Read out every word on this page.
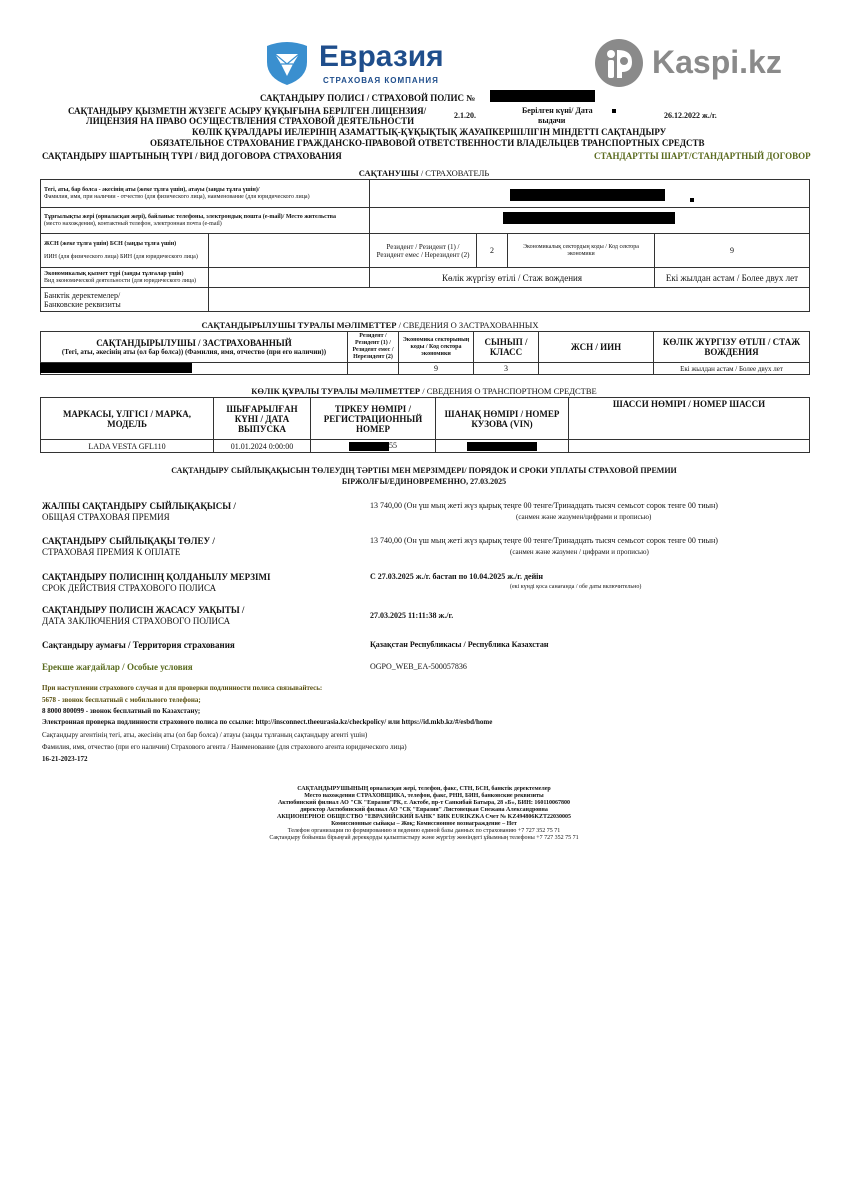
Евразия
СТРАХОВАЯ КОМПАНИЯ
Kaspi.kz
САҚТАНДЫРУ ПОЛИСІ / СТРАХОВОЙ ПОЛИС №
САҚТАНДЫРУ ҚЫЗМЕТІН ЖҮЗЕГЕ АСЫРУ ҚҰҚЫҒЫНА БЕРІЛГЕН ЛИЦЕНЗИЯ/
ЛИЦЕНЗИЯ НА ПРАВО ОСУЩЕСТВЛЕНИЯ СТРАХОВОЙ ДЕЯТЕЛЬНОСТИ
2.1.20.
Берілген күні/ Дата
выдачи
26.12.2022 ж./г.
КӨЛІК ҚҰРАЛДАРЫ ИЕЛЕРІНІҢ АЗАМАТТЫҚ-ҚҰҚЫҚТЫҚ ЖАУАПКЕРШІЛІГІН МІНДЕТТІ САҚТАНДЫРУ
ОБЯЗАТЕЛЬНОЕ СТРАХОВАНИЕ ГРАЖДАНСКО-ПРАВОВОЙ ОТВЕТСТВЕННОСТИ ВЛАДЕЛЬЦЕВ ТРАНСПОРТНЫХ СРЕДСТВ
САҚТАНДЫРУ ШАРТЫНЫҢ ТҮРІ / ВИД ДОГОВОРА СТРАХОВАНИЯ	СТАНДАРТТЫ ШАРТ/СТАНДАРТНЫЙ ДОГОВОР
САҚТАНУШЫ / СТРАХОВАТЕЛЬ
Тегі, аты, бар болса - әкесінің аты (жеке тұлға үшін), атауы (заңды тұлға үшін)/
Фамилия, имя, при наличии - отчество (для физического лица), наименование (для юридического лица)					

Тұрғылықты жері (орналасқан жері), байланыс телефоны, электрондық пошта (e-mail)/ Место жительства
(место нахождения), контактный телефон, электронная почта (e-mail)					

ЖСН (жеке тұлға үшін) БСН (заңды тұлға үшін)
ИИН (для физического лица) БИН (для юридического лица)		Резидент / Резидент (1) / Резидент емес / Нерезидент (2)	2	Экономикалық сектордың коды / Код сектора экономики	9

Экономикалық қызмет түрі (заңды тұлғалар үшін)
Вид экономической деятельности (для юридического лица)		Көлік жүргізу өтілі / Стаж вождения			Екі жылдан астам / Более двух лет

Банктік деректемелер/
Банковские реквизиты					

САҚТАНДЫРЫЛУШЫ ТУРАЛЫ МӘЛІМЕТТЕР / СВЕДЕНИЯ О ЗАСТРАХОВАННЫХ
САҚТАНДЫРЫЛУШЫ / ЗАСТРАХОВАННЫЙ
(Тегі, аты, әкесінің аты (ол бар болса)) (Фамилия, имя, отчество (при его наличии))	Резидент / Резидент (1) / Резидент емес / Нерезидент (2)	Экономика секторының коды / Код сектора экономики	СЫНЫП / КЛАСС	ЖСН / ИИН	КӨЛІК ЖҮРГІЗУ ӨТІЛІ / СТАЖ ВОЖДЕНИЯ
		9	3		Екі жылдан астам / Более двух лет
КӨЛІК ҚҰРАЛЫ ТУРАЛЫ МӘЛІМЕТТЕР / СВЕДЕНИЯ О ТРАНСПОРТНОМ СРЕДСТВЕ
МАРКАСЫ, ҮЛГІСІ / МАРКА, МОДЕЛЬ	ШЫҒАРЫЛҒАН КҮНІ / ДАТА ВЫПУСКА	ТІРКЕУ НӨМІРІ / РЕГИСТРАЦИОННЫЙ НОМЕР	ШАНАҚ НӨМІРІ / НОМЕР КУЗОВА (VIN)	ШАССИ НӨМІРІ / НОМЕР ШАССИ
LADA VESTA GFL110	01.01.2024 0:00:00	55		
САҚТАНДЫРУ СЫЙЛЫҚАҚЫСЫН ТӨЛЕУДІҢ ТӘРТІБІ МЕН МЕРЗІМДЕРІ/ ПОРЯДОК И СРОКИ УПЛАТЫ СТРАХОВОЙ ПРЕМИИ
БІРЖОЛҒЫ/ЕДИНОВРЕМЕННО, 27.03.2025
ЖАЛПЫ САҚТАНДЫРУ СЫЙЛЫҚАҚЫСЫ /
ОБЩАЯ СТРАХОВАЯ ПРЕМИЯ
13 740,00 (Он үш мың жеті жүз қырық теңге 00 тенге/Тринадцать тысяч семьсот сорок тенге 00 тиын)
(санмен және жазумен/цифрами и прописью)
САҚТАНДЫРУ СЫЙЛЫҚАҚЫ ТӨЛЕУ /
СТРАХОВАЯ ПРЕМИЯ К ОПЛАТЕ
13 740,00 (Он үш мың жеті жүз қырық теңге 00 тенге/Тринадцать тысяч семьсот сорок тенге 00 тиын)
(санмен және жазумен / цифрами и прописью)
САҚТАНДЫРУ ПОЛИСІНІҢ ҚОЛДАНЫЛУ МЕРЗІМІ
СРОК ДЕЙСТВИЯ СТРАХОВОГО ПОЛИСА
С 27.03.2025 ж./г. бастап по 10.04.2025 ж./г. дейін
(екі күнді қоса санағанда / обе даты включительно)
САҚТАНДЫРУ ПОЛИСІН ЖАСАСУ УАҚЫТЫ /
ДАТА ЗАКЛЮЧЕНИЯ СТРАХОВОГО ПОЛИСА
27.03.2025 11:11:38 ж./г.
Сақтандыру аумағы / Территория страхования	Қазақстан Республикасы / Республика Казахстан
Ерекше жағдайлар / Особые условия	OGPO_WEB_EA-500057836
При наступлении страхового случая и для проверки подлинности полиса связывайтесь:
5678 - звонок бесплатный с мобильного телефона;
8 8000 800099 - звонок бесплатный по Казахстану;
Электронная проверка подлинности страхового полиса по ссылке: http://insconnect.theeurasia.kz/checkpolicy/ или https://id.mkb.kz/#/esbd/home
Сақтандыру агентінің тегі, аты, әкесінің аты (ол бар болса) / атауы (заңды тұлғаның сақтандыру агенті үшін)
Фамилия, имя, отчество (при его наличии) Страхового агента / Наименование (для страхового агента юридического лица)
16-21-2023-172
САҚТАНДЫРУШЫНЫҢ орналасқан жері, телефон, факс, СТН, БСН, банктік деректемелер
Место нахождения СТРАХОВЩИКА, телефон, факс, РНН, БИН, банковские реквизиты
Актюбинский филиал АО "СК "Евразия"РК, г. Актобе, пр-т Санкибай Батыра, 28 «Б», БИН: 160110067800
директор Актюбинский филиал АО "СК "Евразия" Листовецкая Снежана Александровна
АКЦИОНЕРНОЕ ОБЩЕСТВО "ЕВРАЗИЙСКИЙ БАНК" БИК EURIKZKA Счет № KZ494806KZT22030005
Комиссионные сыйақы – Жоқ; Комиссионное вознаграждение – Нет
Телефон организации по формированию и ведению единой базы данных по страхованию +7 727 352 75 71
Сақтандыру бойынша бірыңғай дерекқорды қалыптастыру және жүргізу жөніндегі ұйымның телефоны +7 727 352 75 71
